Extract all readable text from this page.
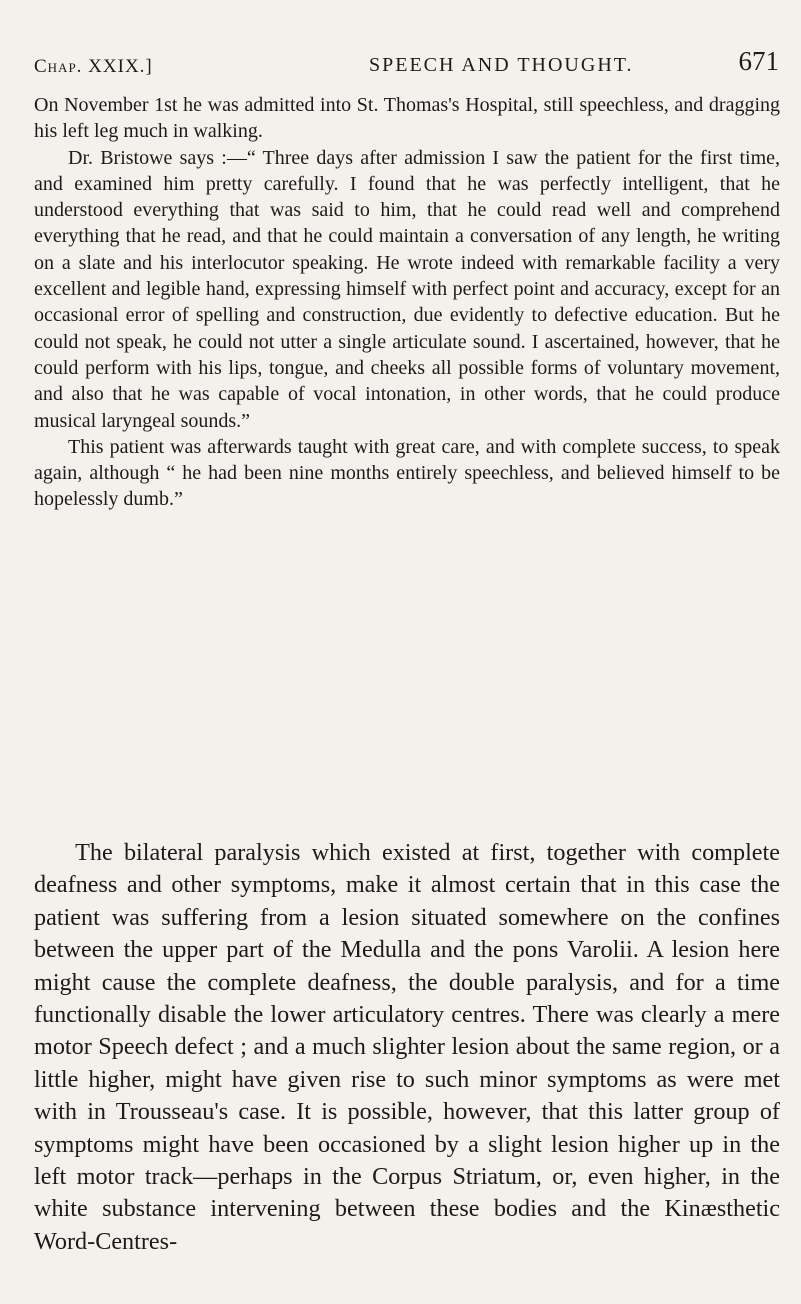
Chap. XXIX.]	SPEECH AND THOUGHT.	671

On November 1st he was admitted into St. Thomas's Hospital, still speechless, and dragging his left leg much in walking.

Dr. Bristowe says :—“ Three days after admission I saw the patient for the first time, and examined him pretty carefully. I found that he was perfectly intelligent, that he understood everything that was said to him, that he could read well and comprehend everything that he read, and that he could maintain a conversation of any length, he writing on a slate and his interlocutor speaking. He wrote indeed with remarkable facility a very excellent and legible hand, expressing himself with perfect point and accuracy, except for an occasional error of spelling and construction, due evidently to defective education. But he could not speak, he could not utter a single articulate sound. I ascertained, however, that he could perform with his lips, tongue, and cheeks all possible forms of voluntary movement, and also that he was capable of vocal intonation, in other words, that he could produce musical laryngeal sounds.”

This patient was afterwards taught with great care, and with complete success, to speak again, although “ he had been nine months entirely speechless, and believed himself to be hopelessly dumb.”

The bilateral paralysis which existed at first, together with complete deafness and other symptoms, make it almost certain that in this case the patient was suffering from a lesion situated somewhere on the confines between the upper part of the Medulla and the pons Varolii. A lesion here might cause the complete deafness, the double paralysis, and for a time functionally disable the lower articulatory centres. There was clearly a mere motor Speech defect ; and a much slighter lesion about the same region, or a little higher, might have given rise to such minor symptoms as were met with in Trousseau's case. It is possible, however, that this latter group of symptoms might have been occasioned by a slight lesion higher up in the left motor track—perhaps in the Corpus Striatum, or, even higher, in the white substance intervening between these bodies and the Kinæsthetic Word-Centres-
